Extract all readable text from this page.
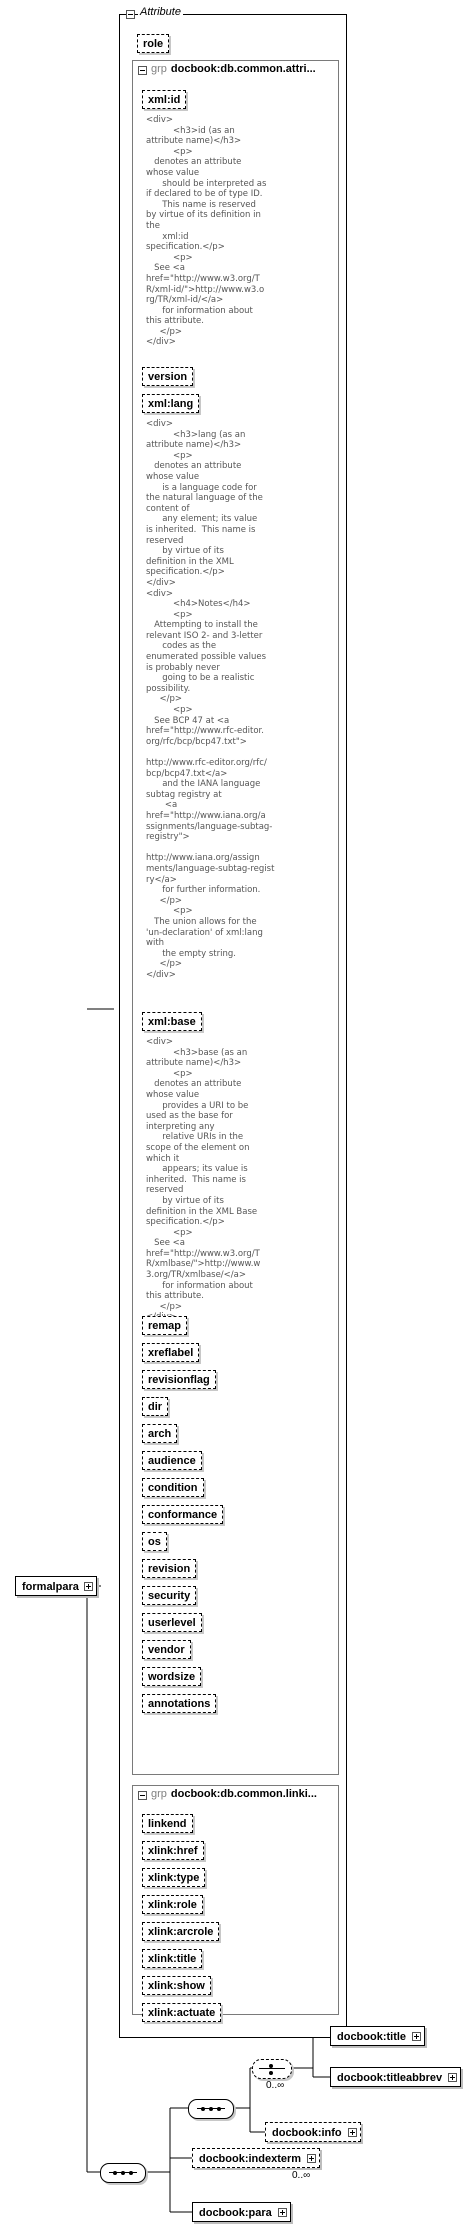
formalpara
Attribute
role
grp docbook:db.common.attri...
xml:id
<div>
<h3>id (as an
attribute name)</h3>
<p>
denotes an attribute
whose value
should be interpreted as
if declared to be of type ID.
This name is reserved
by virtue of its definition in
the
xml:id
specification.</p>
<p>
See <a
href="http://www.w3.org/T
R/xml-id/">http://www.w3.o
rg/TR/xml-id/</a>
for information about
this attribute.
</p>
</div>
version
xml:lang
<div>
<h3>lang (as an
attribute name)</h3>
<p>
denotes an attribute
whose value
is a language code for
the natural language of the
content of
any element; its value
is inherited.  This name is
reserved
by virtue of its
definition in the XML
specification.</p>
</div>
<div>
<h4>Notes</h4>
<p>
Attempting to install the
relevant ISO 2- and 3-letter
codes as the
enumerated possible values
is probably never
going to be a realistic
possibility.
</p>
<p>
See BCP 47 at <a
href="http://www.rfc-editor.
org/rfc/bcp/bcp47.txt">

http://www.rfc-editor.org/rfc/
bcp/bcp47.txt</a>
and the IANA language
subtag registry at
<a
href="http://www.iana.org/a
ssignments/language-subtag-
registry">

http://www.iana.org/assign
ments/language-subtag-regist
ry</a>
for further information.
</p>
<p>
The union allows for the
'un-declaration' of xml:lang
with
the empty string.
</p>
</div>
xml:base
<div>
<h3>base (as an
attribute name)</h3>
<p>
denotes an attribute
whose value
provides a URI to be
used as the base for
interpreting any
relative URIs in the
scope of the element on
which it
appears; its value is
inherited.  This name is
reserved
by virtue of its
definition in the XML Base
specification.</p>
<p>
See <a
href="http://www.w3.org/T
R/xmlbase/">http://www.w
3.org/TR/xmlbase/</a>
for information about
this attribute.
</p>

remap
xreflabel
revisionflag
dir
arch
audience
condition
conformance
os
revision
security
userlevel
vendor
wordsize
annotations
grp docbook:db.common.linki...
linkend
xlink:href
xlink:type
xlink:role
xlink:arcrole
xlink:title
xlink:show
xlink:actuate
0..∞
docbook:title
docbook:titleabbrev
docbook:info
docbook:indexterm
0..∞
docbook:para
